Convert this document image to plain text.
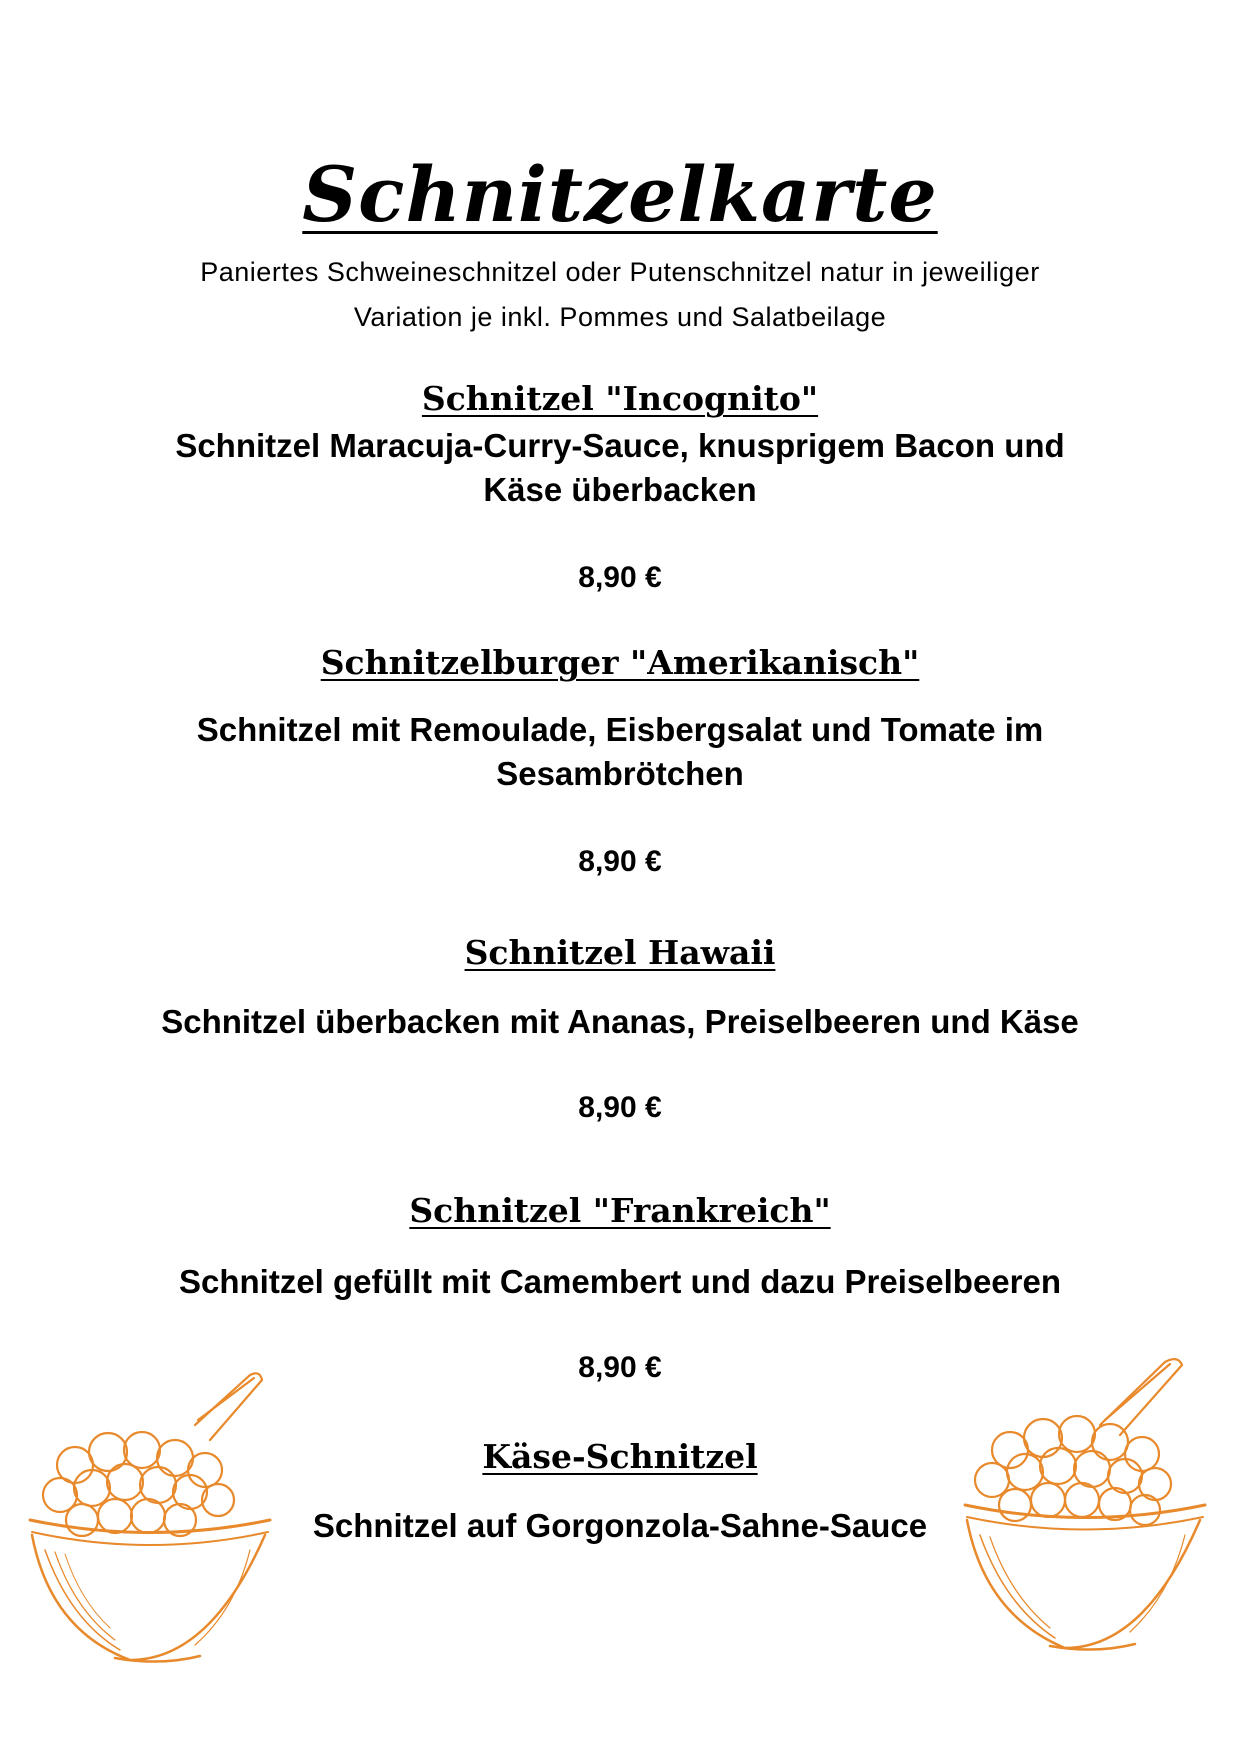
Schnitzelkarte
Paniertes Schweineschnitzel oder Putenschnitzel natur in jeweiliger
Variation je inkl. Pommes und Salatbeilage
Schnitzel "Incognito"
Schnitzel Maracuja-Curry-Sauce, knusprigem Bacon und
Käse überbacken
8,90 €
Schnitzelburger "Amerikanisch"
Schnitzel mit Remoulade, Eisbergsalat und Tomate im
Sesambrötchen
8,90 €
Schnitzel Hawaii
Schnitzel überbacken mit Ananas, Preiselbeeren und Käse
8,90 €
Schnitzel "Frankreich"
Schnitzel gefüllt mit Camembert und dazu Preiselbeeren
8,90 €
Käse-Schnitzel
Schnitzel auf Gorgonzola-Sahne-Sauce
